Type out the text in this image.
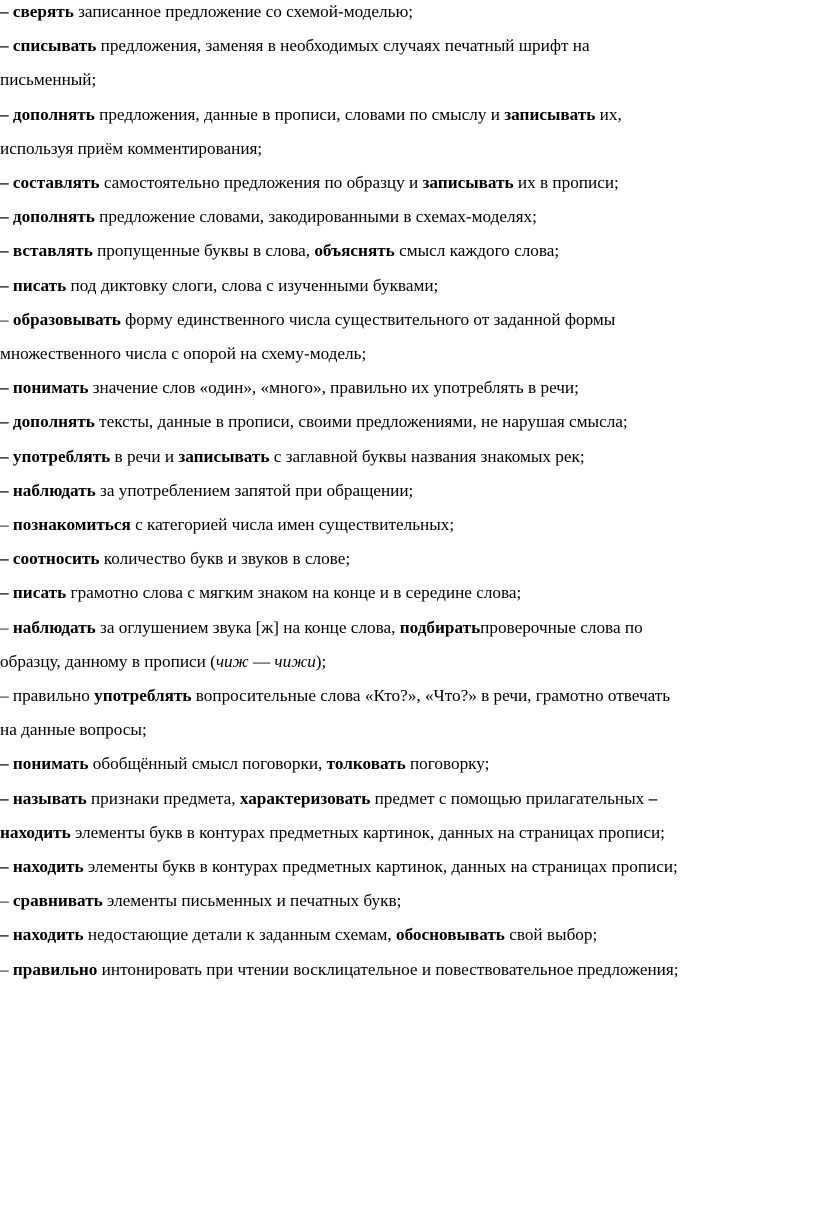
– сверять записанное предложение со схемой-моделью;
– списывать предложения, заменяя в необходимых случаях печатный шрифт на
письменный;
– дополнять предложения, данные в прописи, словами по смыслу и записывать их,
используя приём комментирования;
– составлять самостоятельно предложения по образцу и записывать их в прописи;
– дополнять предложение словами, закодированными в схемах-моделях;
– вставлять пропущенные буквы в слова, объяснять смысл каждого слова;
– писать под диктовку слоги, слова с изученными буквами;
– образовывать форму единственного числа существительного от заданной формы
множественного числа с опорой на схему-модель;
– понимать значение слов «один», «много», правильно их употреблять в речи;
– дополнять тексты, данные в прописи, своими предложениями, не нарушая смысла;
– употреблять в речи и записывать с заглавной буквы названия знакомых рек;
– наблюдать за употреблением запятой при обращении;
– познакомиться с категорией числа имен существительных;
– соотносить количество букв и звуков в слове;
– писать грамотно слова с мягким знаком на конце и в середине слова;
– наблюдать за оглушением звука [ж] на конце слова, подбиратьпроверочные слова по
образцу, данному в прописи (чиж — чижи);
– правильно употреблять вопросительные слова «Кто?», «Что?» в речи, грамотно отвечать
на данные вопросы;
– понимать обобщённый смысл поговорки, толковать поговорку;
– называть признаки предмета, характеризовать предмет с помощью прилагательных –
находить элементы букв в контурах предметных картинок, данных на страницах прописи;
– находить элементы букв в контурах предметных картинок, данных на страницах прописи;
– сравнивать элементы письменных и печатных букв;
– находить недостающие детали к заданным схемам, обосновывать свой выбор;
– правильно интонировать при чтении восклицательное и повествовательное предложения;
